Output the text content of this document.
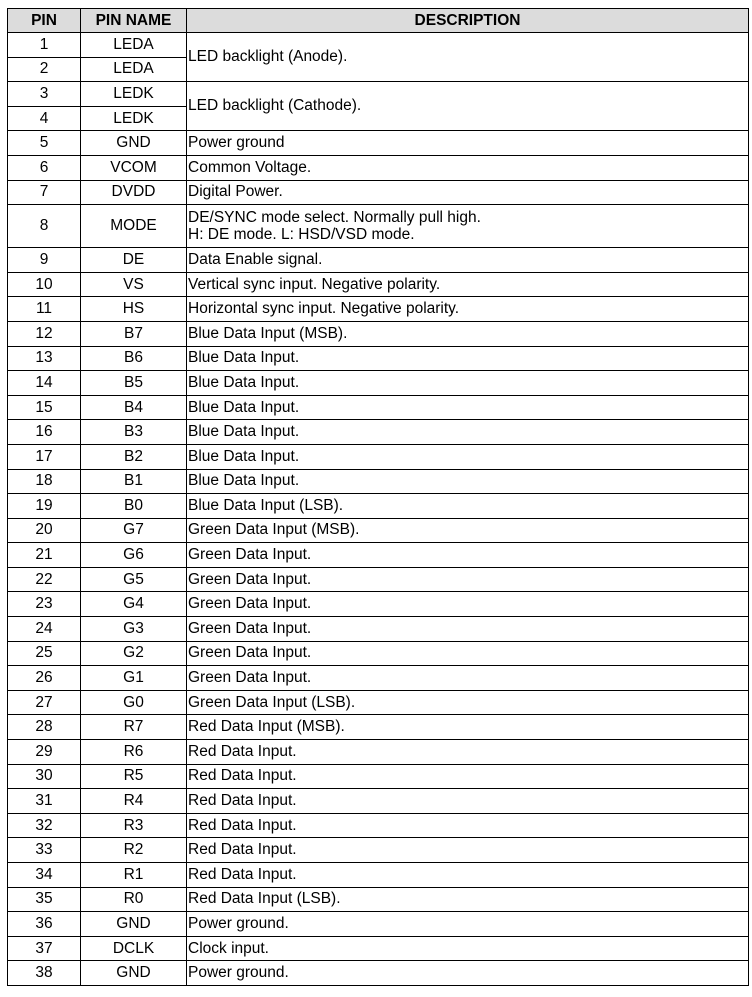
PIN	PIN NAME	DESCRIPTION
1	LEDA	LED backlight (Anode).
2	LEDA	
3	LEDK	LED backlight (Cathode).
4	LEDK	
5	GND	Power ground
6	VCOM	Common Voltage.
7	DVDD	Digital Power.
8	MODE	DE/SYNC mode select. Normally pull high.
H: DE mode. L: HSD/VSD mode.

9	DE	Data Enable signal.
10	VS	Vertical sync input. Negative polarity.
11	HS	Horizontal sync input. Negative polarity.
12	B7	Blue Data Input (MSB).
13	B6	Blue Data Input.
14	B5	Blue Data Input.
15	B4	Blue Data Input.
16	B3	Blue Data Input.
17	B2	Blue Data Input.
18	B1	Blue Data Input.
19	B0	Blue Data Input (LSB).
20	G7	Green Data Input (MSB).
21	G6	Green Data Input.
22	G5	Green Data Input.
23	G4	Green Data Input.
24	G3	Green Data Input.
25	G2	Green Data Input.
26	G1	Green Data Input.
27	G0	Green Data Input (LSB).
28	R7	Red Data Input (MSB).
29	R6	Red Data Input.
30	R5	Red Data Input.
31	R4	Red Data Input.
32	R3	Red Data Input.
33	R2	Red Data Input.
34	R1	Red Data Input.
35	R0	Red Data Input (LSB).
36	GND	Power ground.
37	DCLK	Clock input.
38	GND	Power ground.
